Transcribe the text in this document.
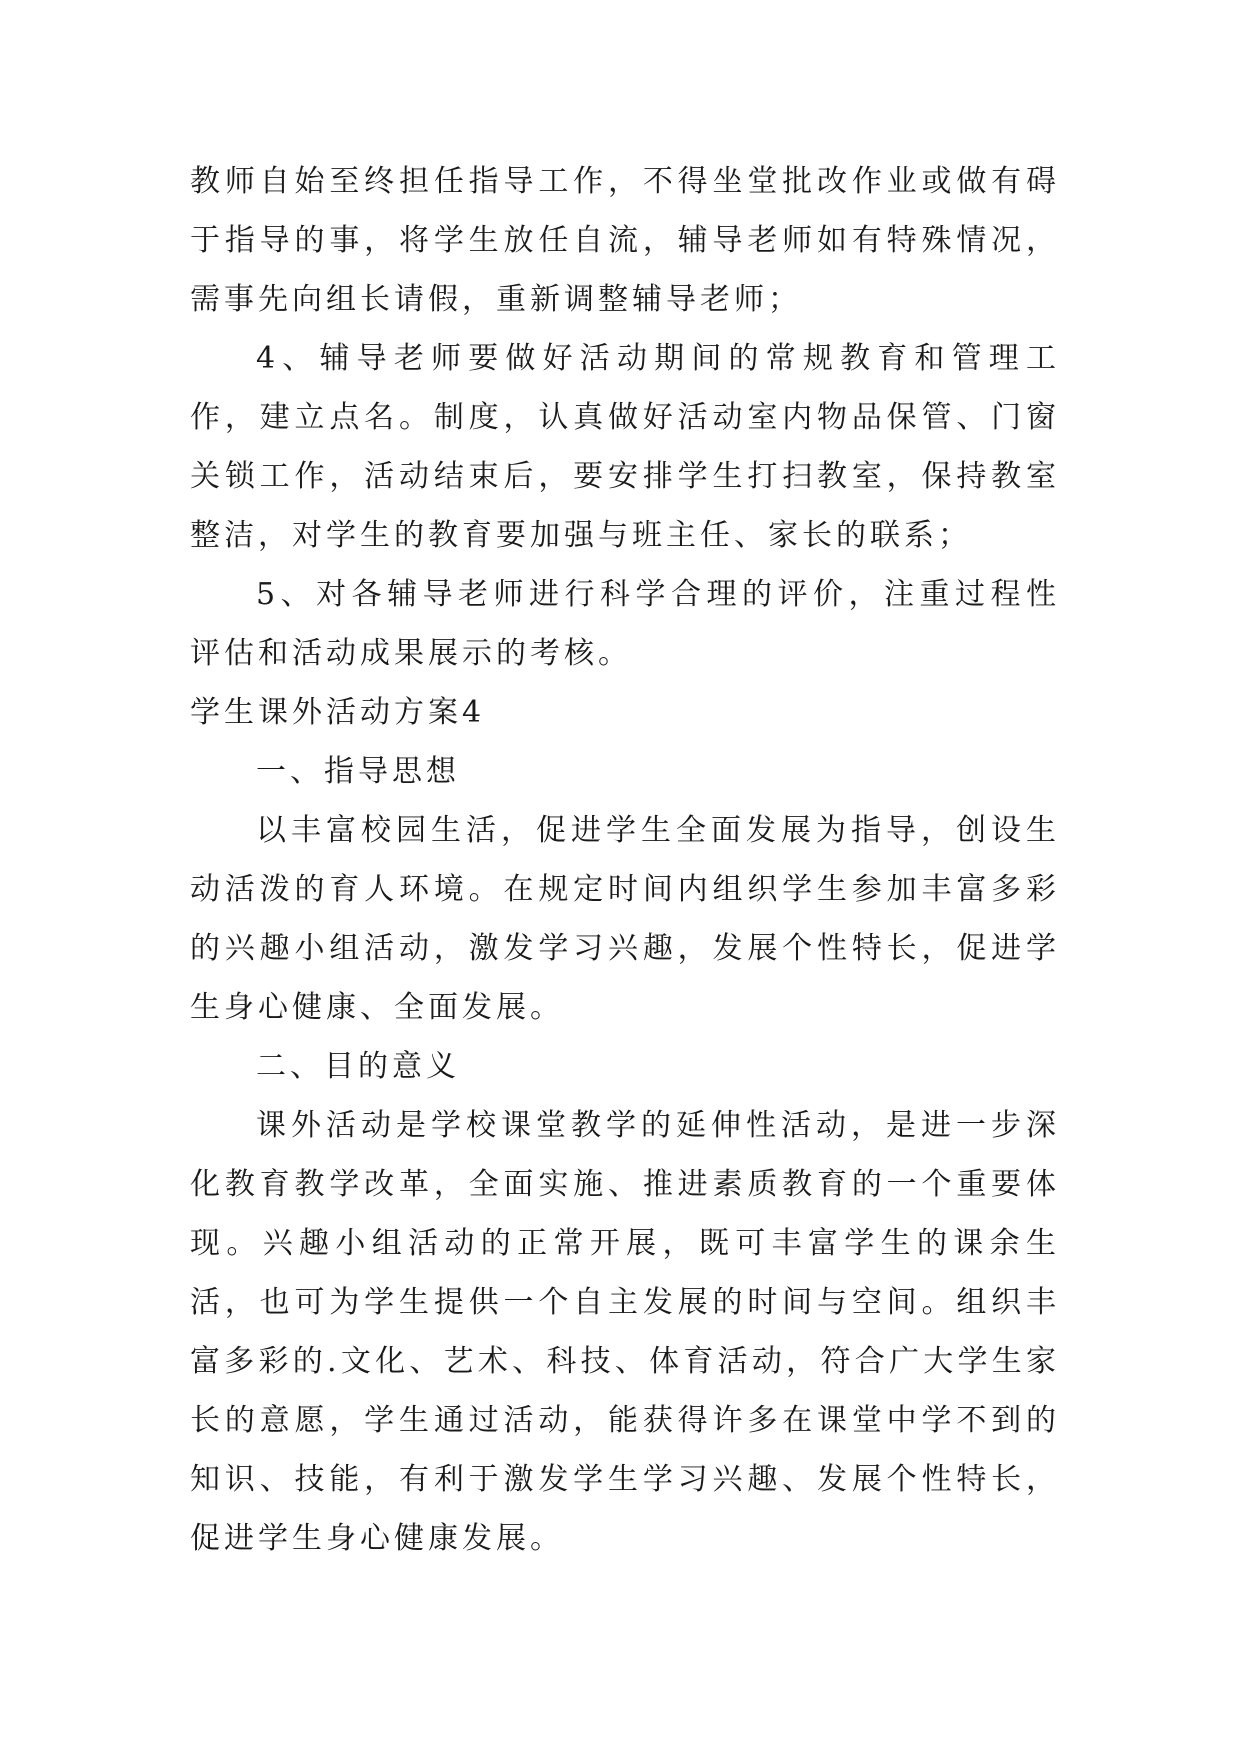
教师自始至终担任指导工作，不得坐堂批改作业或做有碍于指导的事，将学生放任自流，辅导老师如有特殊情况，需事先向组长请假，重新调整辅导老师；

4、辅导老师要做好活动期间的常规教育和管理工作，建立点名。制度，认真做好活动室内物品保管、门窗关锁工作，活动结束后，要安排学生打扫教室，保持教室整洁，对学生的教育要加强与班主任、家长的联系；

5、对各辅导老师进行科学合理的评价，注重过程性评估和活动成果展示的考核。

学生课外活动方案4

一、指导思想

以丰富校园生活，促进学生全面发展为指导，创设生动活泼的育人环境。在规定时间内组织学生参加丰富多彩的兴趣小组活动，激发学习兴趣，发展个性特长，促进学生身心健康、全面发展。

二、目的意义

课外活动是学校课堂教学的延伸性活动，是进一步深化教育教学改革，全面实施、推进素质教育的一个重要体现。兴趣小组活动的正常开展，既可丰富学生的课余生活，也可为学生提供一个自主发展的时间与空间。组织丰富多彩的.文化、艺术、科技、体育活动，符合广大学生家长的意愿，学生通过活动，能获得许多在课堂中学不到的知识、技能，有利于激发学生学习兴趣、发展个性特长，促进学生身心健康发展。
